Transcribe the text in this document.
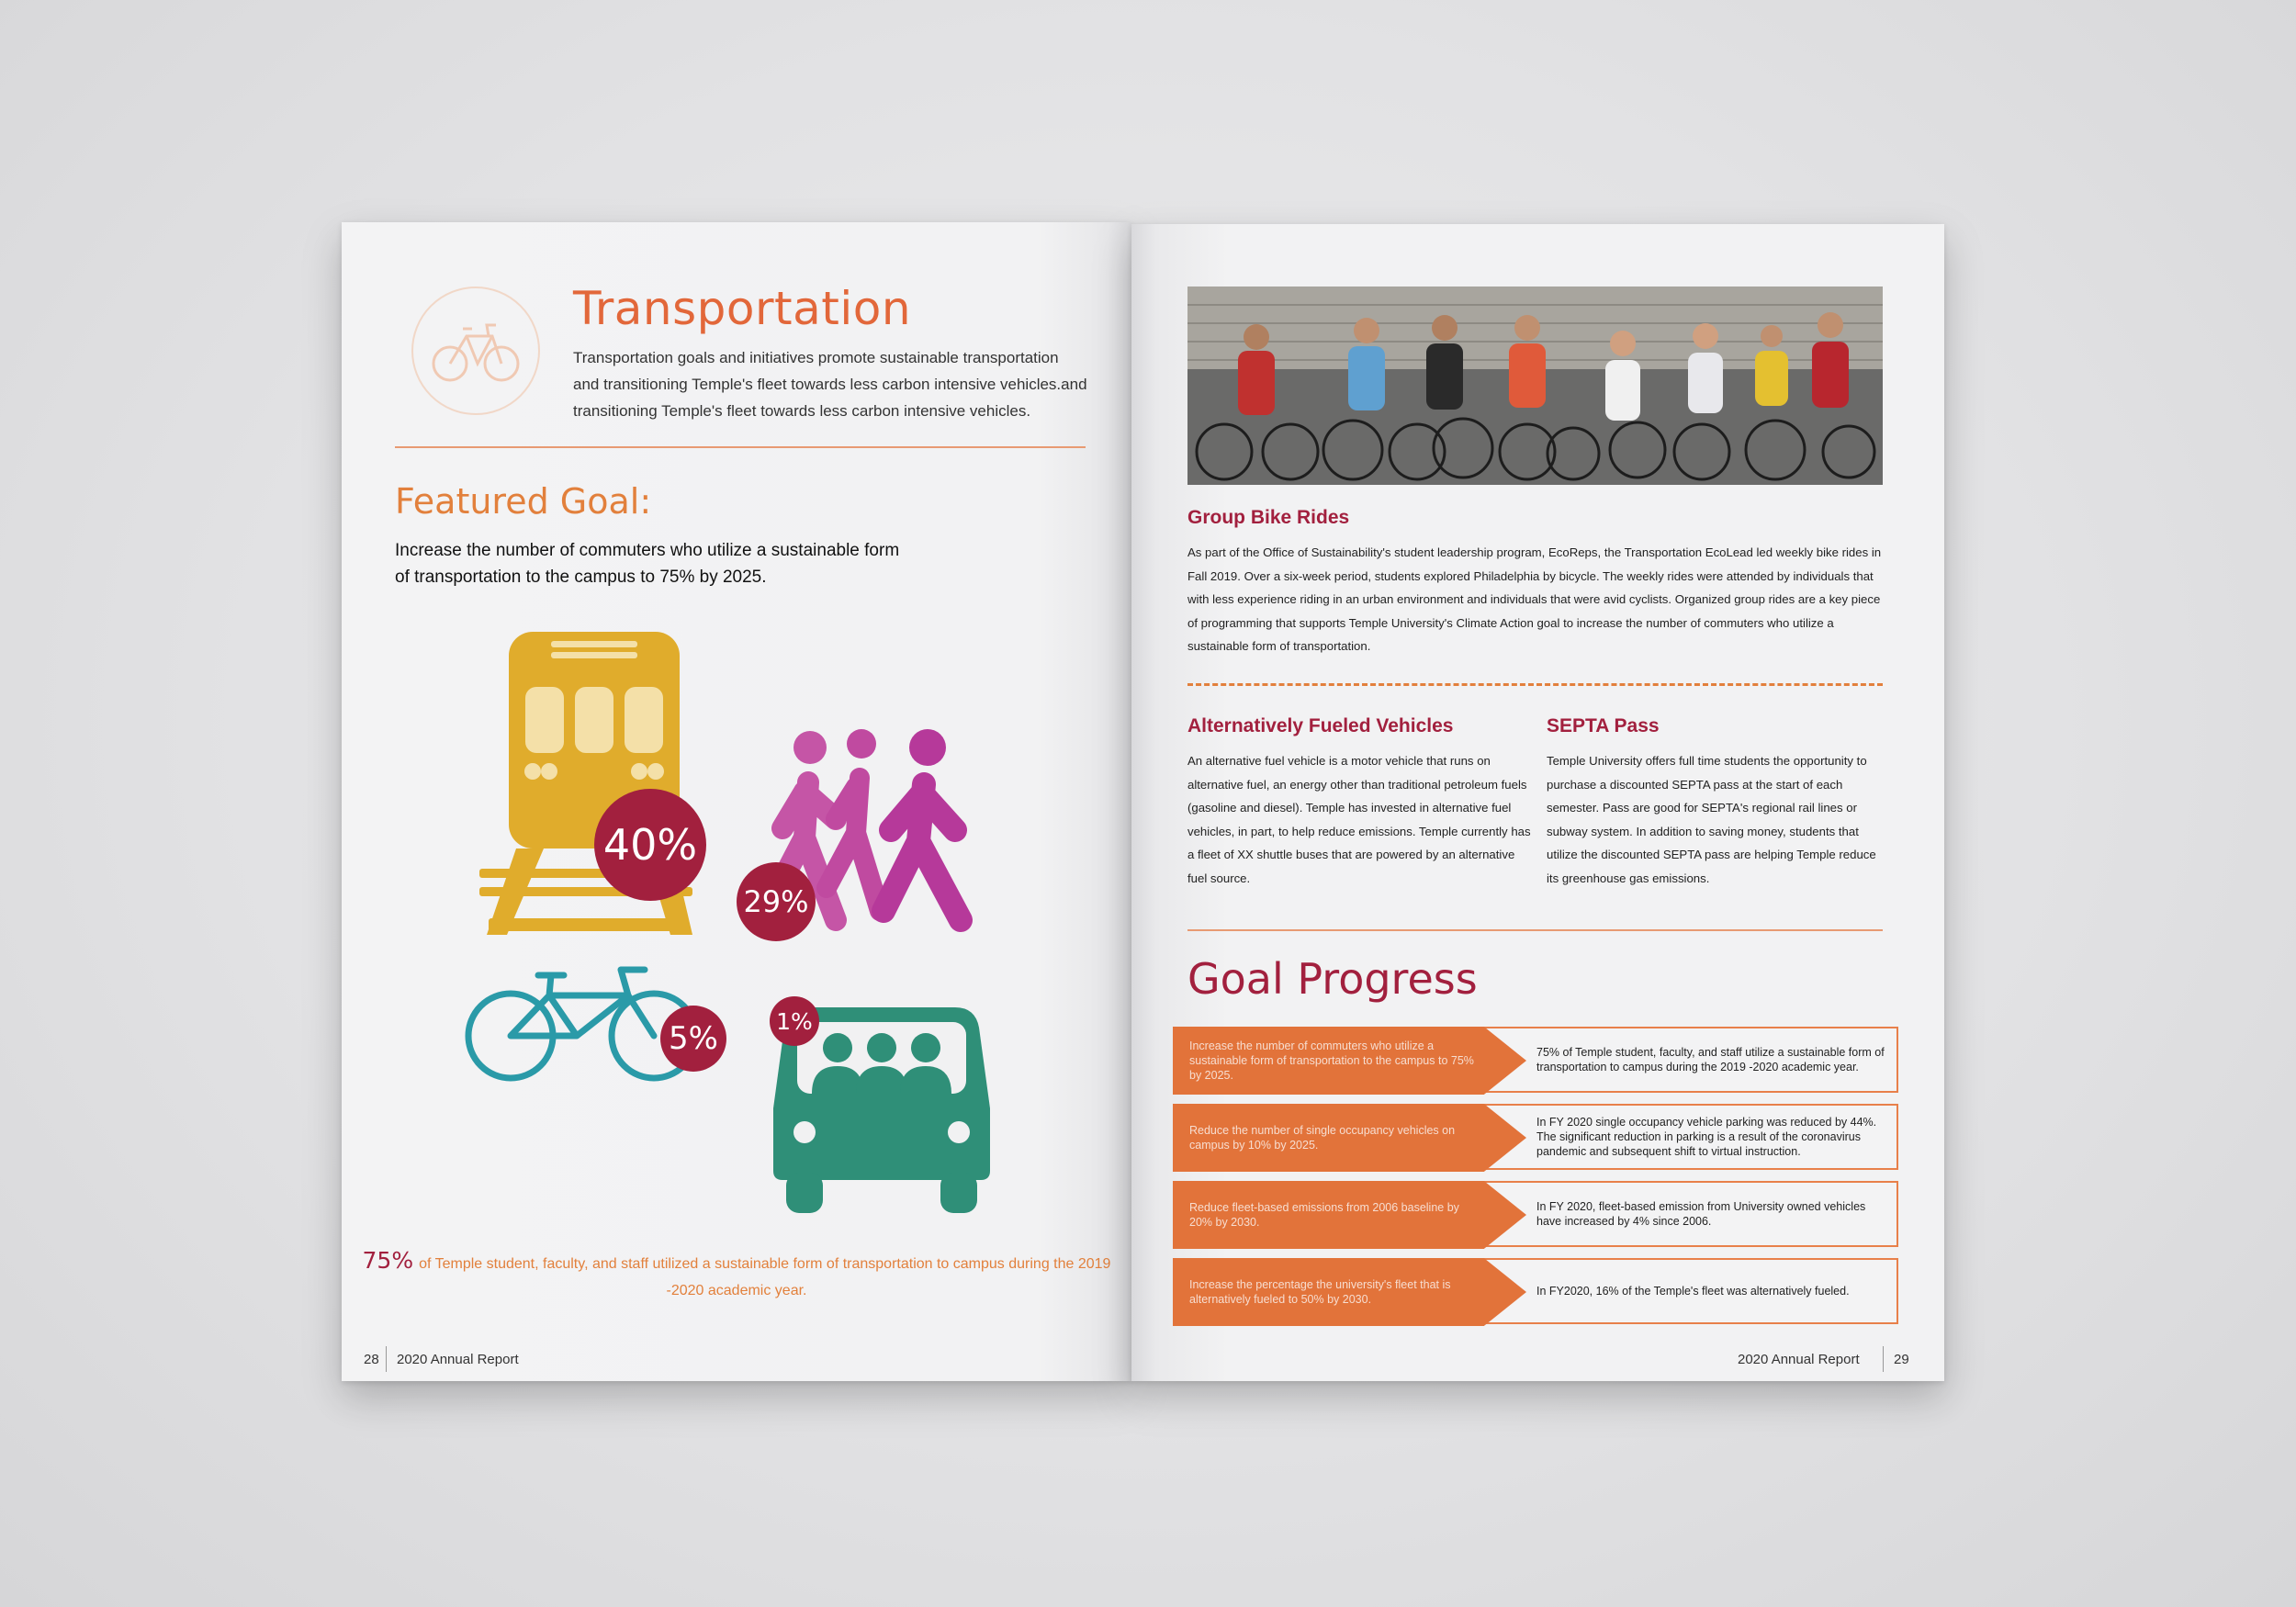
Transportation
Transportation goals and initiatives promote sustainable transportation and transitioning Temple's fleet towards less carbon intensive vehicles.and transitioning Temple's fleet towards less carbon intensive vehicles.
Featured Goal:
Increase the number of commuters who utilize a sustainable form of transportation to the campus to 75% by 2025.
40%
29%
5%	1%
75% of Temple student, faculty, and staff utilized a sustainable form of transportation to campus during the 2019 -2020 academic year.
28 2020 Annual Report
Group Bike Rides
As part of the Office of Sustainability's student leadership program, EcoReps, the Transportation EcoLead led weekly bike rides in Fall 2019. Over a six-week period, students explored Philadelphia by bicycle. The weekly rides were attended by individuals that with less experience riding in an urban environment and individuals that were avid cyclists. Organized group rides are a key piece of programming that supports Temple University's Climate Action goal to increase the number of commuters who utilize a sustainable form of transportation.
Alternatively Fueled Vehicles
An alternative fuel vehicle is a motor vehicle that runs on alternative fuel, an energy other than traditional petroleum fuels (gasoline and diesel). Temple has invested in alternative fuel vehicles, in part, to help reduce emissions. Temple currently has a fleet of XX shuttle buses that are powered by an alternative fuel source.
SEPTA Pass
Temple University offers full time students the opportunity to purchase a discounted SEPTA pass at the start of each semester. Pass are good for SEPTA's regional rail lines or subway system. In addition to saving money, students that utilize the discounted SEPTA pass are helping Temple reduce its greenhouse gas emissions.
Goal Progress
Increase the number of commuters who utilize a sustainable form of transportation to the campus to 75% by 2025.
75% of Temple student, faculty, and staff utilize a sustainable form of transportation to campus during the 2019 -2020 academic year.
Reduce the number of single occupancy vehicles on campus by 10% by 2025.
In FY 2020 single occupancy vehicle parking was reduced by 44%. The significant reduction in parking is a result of the coronavirus pandemic and subsequent shift to virtual instruction.
Reduce fleet-based emissions from 2006 baseline by 20% by 2030.
In FY 2020, fleet-based emission from University owned vehicles have increased by 4% since 2006.
Increase the percentage the university's fleet that is alternatively fueled to 50% by 2030.
In FY2020, 16% of the Temple's fleet was alternatively fueled.
2020 Annual Report 29
